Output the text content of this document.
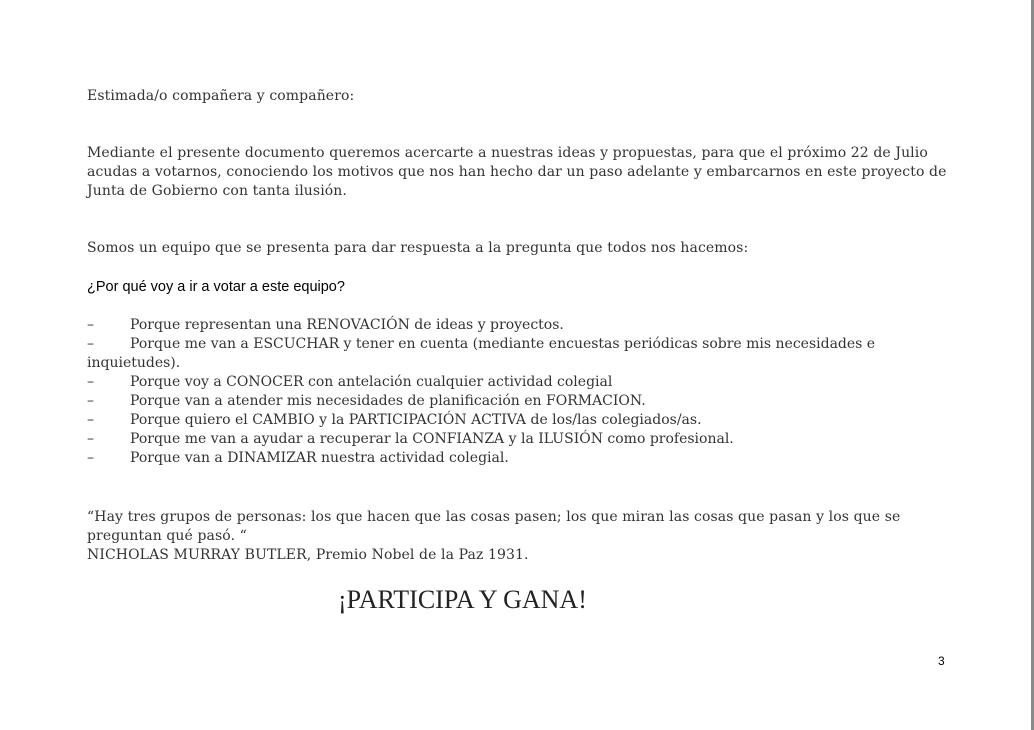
Estimada/o compañera y compañero:

Mediante el presente documento queremos acercarte a nuestras ideas y propuestas, para que el próximo 22 de Julio acudas a votarnos, conociendo los motivos que nos han hecho dar un paso adelante y embarcarnos en este proyecto de Junta de Gobierno con tanta ilusión.

Somos un equipo que se presenta para dar respuesta a la pregunta que todos nos hacemos:

¿Por qué voy a ir a votar a este equipo?

–	Porque representan una RENOVACIÓN de ideas y proyectos.
–	Porque me van a ESCUCHAR y tener en cuenta (mediante encuestas periódicas sobre mis necesidades e inquietudes).
–	Porque voy a CONOCER con antelación cualquier actividad colegial
–	Porque van a atender mis necesidades de planificación en FORMACION.
–	Porque quiero el CAMBIO y la PARTICIPACIÓN ACTIVA de los/las colegiados/as.
–	Porque me van a ayudar a recuperar la CONFIANZA y la ILUSIÓN como profesional.
–	Porque van a DINAMIZAR nuestra actividad colegial.
“Hay tres grupos de personas: los que hacen que las cosas pasen; los que miran las cosas que pasan y los que se preguntan qué pasó. “
NICHOLAS MURRAY BUTLER, Premio Nobel de la Paz 1931.

¡PARTICIPA Y GANA!

3
